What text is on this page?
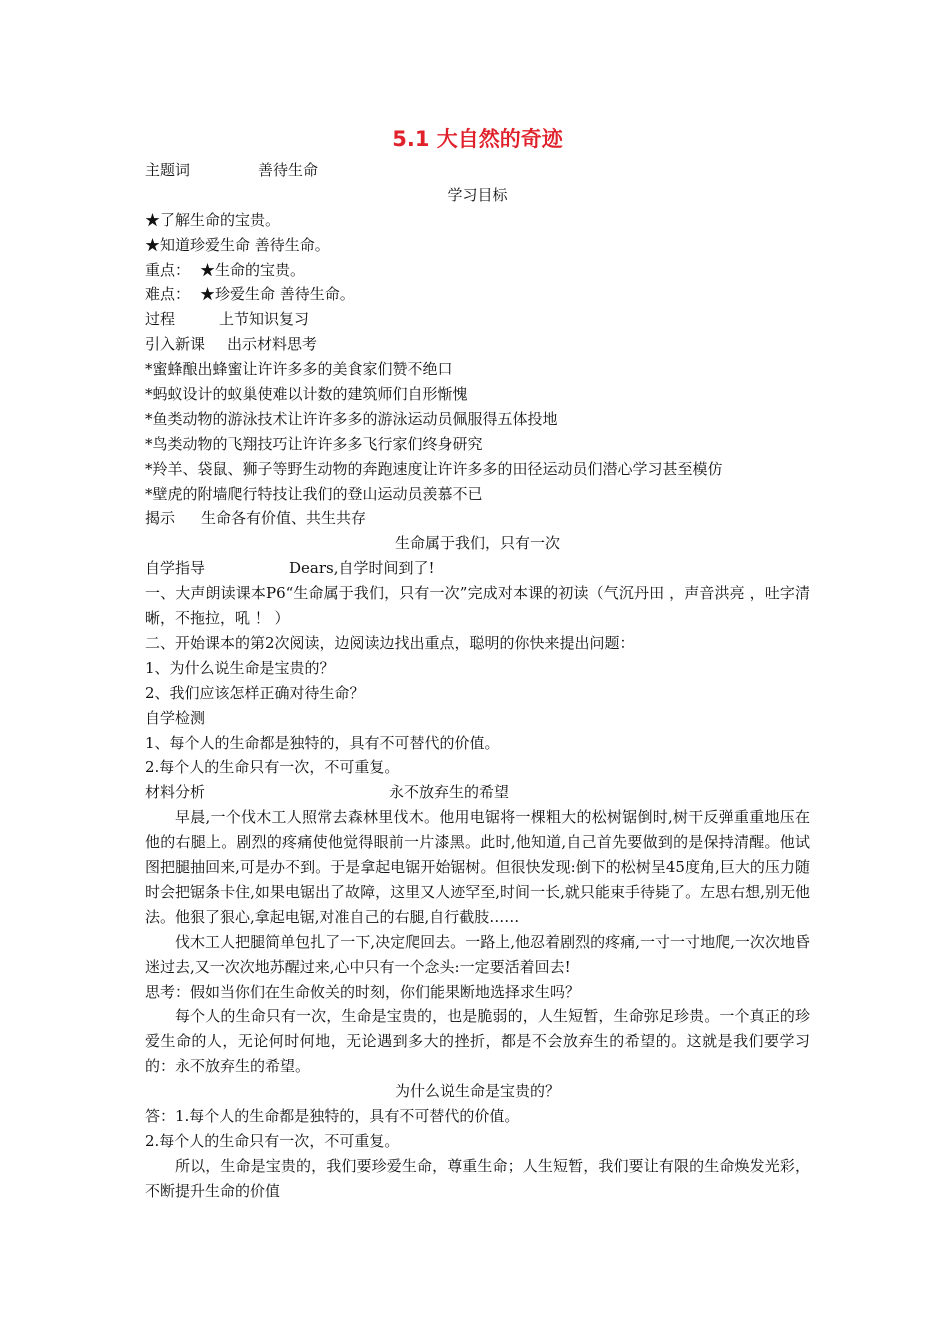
5.1 大自然的奇迹
主题词	善待生命
学习目标
★了解生命的宝贵。
★知道珍爱生命 善待生命。
重点： ★生命的宝贵。
难点： ★珍爱生命 善待生命。
过程	上节知识复习
引入新课 出示材料思考
*蜜蜂酿出蜂蜜让许许多多的美食家们赞不绝口
*蚂蚁设计的蚁巢使难以计数的建筑师们自形惭愧
*鱼类动物的游泳技术让许许多多的游泳运动员佩服得五体投地
*鸟类动物的飞翔技巧让许许多多飞行家们终身研究
*羚羊、袋鼠、狮子等野生动物的奔跑速度让许许多多的田径运动员们潜心学习甚至模仿
*壁虎的附墙爬行特技让我们的登山运动员羡慕不已
揭示 生命各有价值、共生共存
生命属于我们，只有一次
自学指导	Dears,自学时间到了!
一、大声朗读课本P6“生命属于我们，只有一次”完成对本课的初读（气沉丹田 ，声音洪亮 ，吐字清晰，不拖拉，吼 ！ ）
二、开始课本的第2次阅读，边阅读边找出重点，聪明的你快来提出问题：
1、为什么说生命是宝贵的？
2、我们应该怎样正确对待生命？
自学检测
1、每个人的生命都是独特的，具有不可替代的价值。
2.每个人的生命只有一次，不可重复。
材料分析	永不放弃生的希望
早晨,一个伐木工人照常去森林里伐木。他用电锯将一棵粗大的松树锯倒时,树干反弹重重地压在他的右腿上。剧烈的疼痛使他觉得眼前一片漆黑。此时,他知道,自己首先要做到的是保持清醒。他试图把腿抽回来,可是办不到。于是拿起电锯开始锯树。但很快发现:倒下的松树呈45度角,巨大的压力随时会把锯条卡住,如果电锯出了故障，这里又人迹罕至,时间一长,就只能束手待毙了。左思右想,别无他法。他狠了狠心,拿起电锯,对准自己的右腿,自行截肢……
伐木工人把腿简单包扎了一下,决定爬回去。一路上,他忍着剧烈的疼痛,一寸一寸地爬,一次次地昏迷过去,又一次次地苏醒过来,心中只有一个念头:一定要活着回去!
思考：假如当你们在生命攸关的时刻，你们能果断地选择求生吗？
每个人的生命只有一次，生命是宝贵的，也是脆弱的，人生短暂，生命弥足珍贵。一个真正的珍爱生命的人，无论何时何地，无论遇到多大的挫折，都是不会放弃生的希望的。这就是我们要学习的：永不放弃生的希望。
为什么说生命是宝贵的？
答：1.每个人的生命都是独特的，具有不可替代的价值。
2.每个人的生命只有一次，不可重复。
所以，生命是宝贵的，我们要珍爱生命，尊重生命；人生短暂，我们要让有限的生命焕发光彩，不断提升生命的价值
